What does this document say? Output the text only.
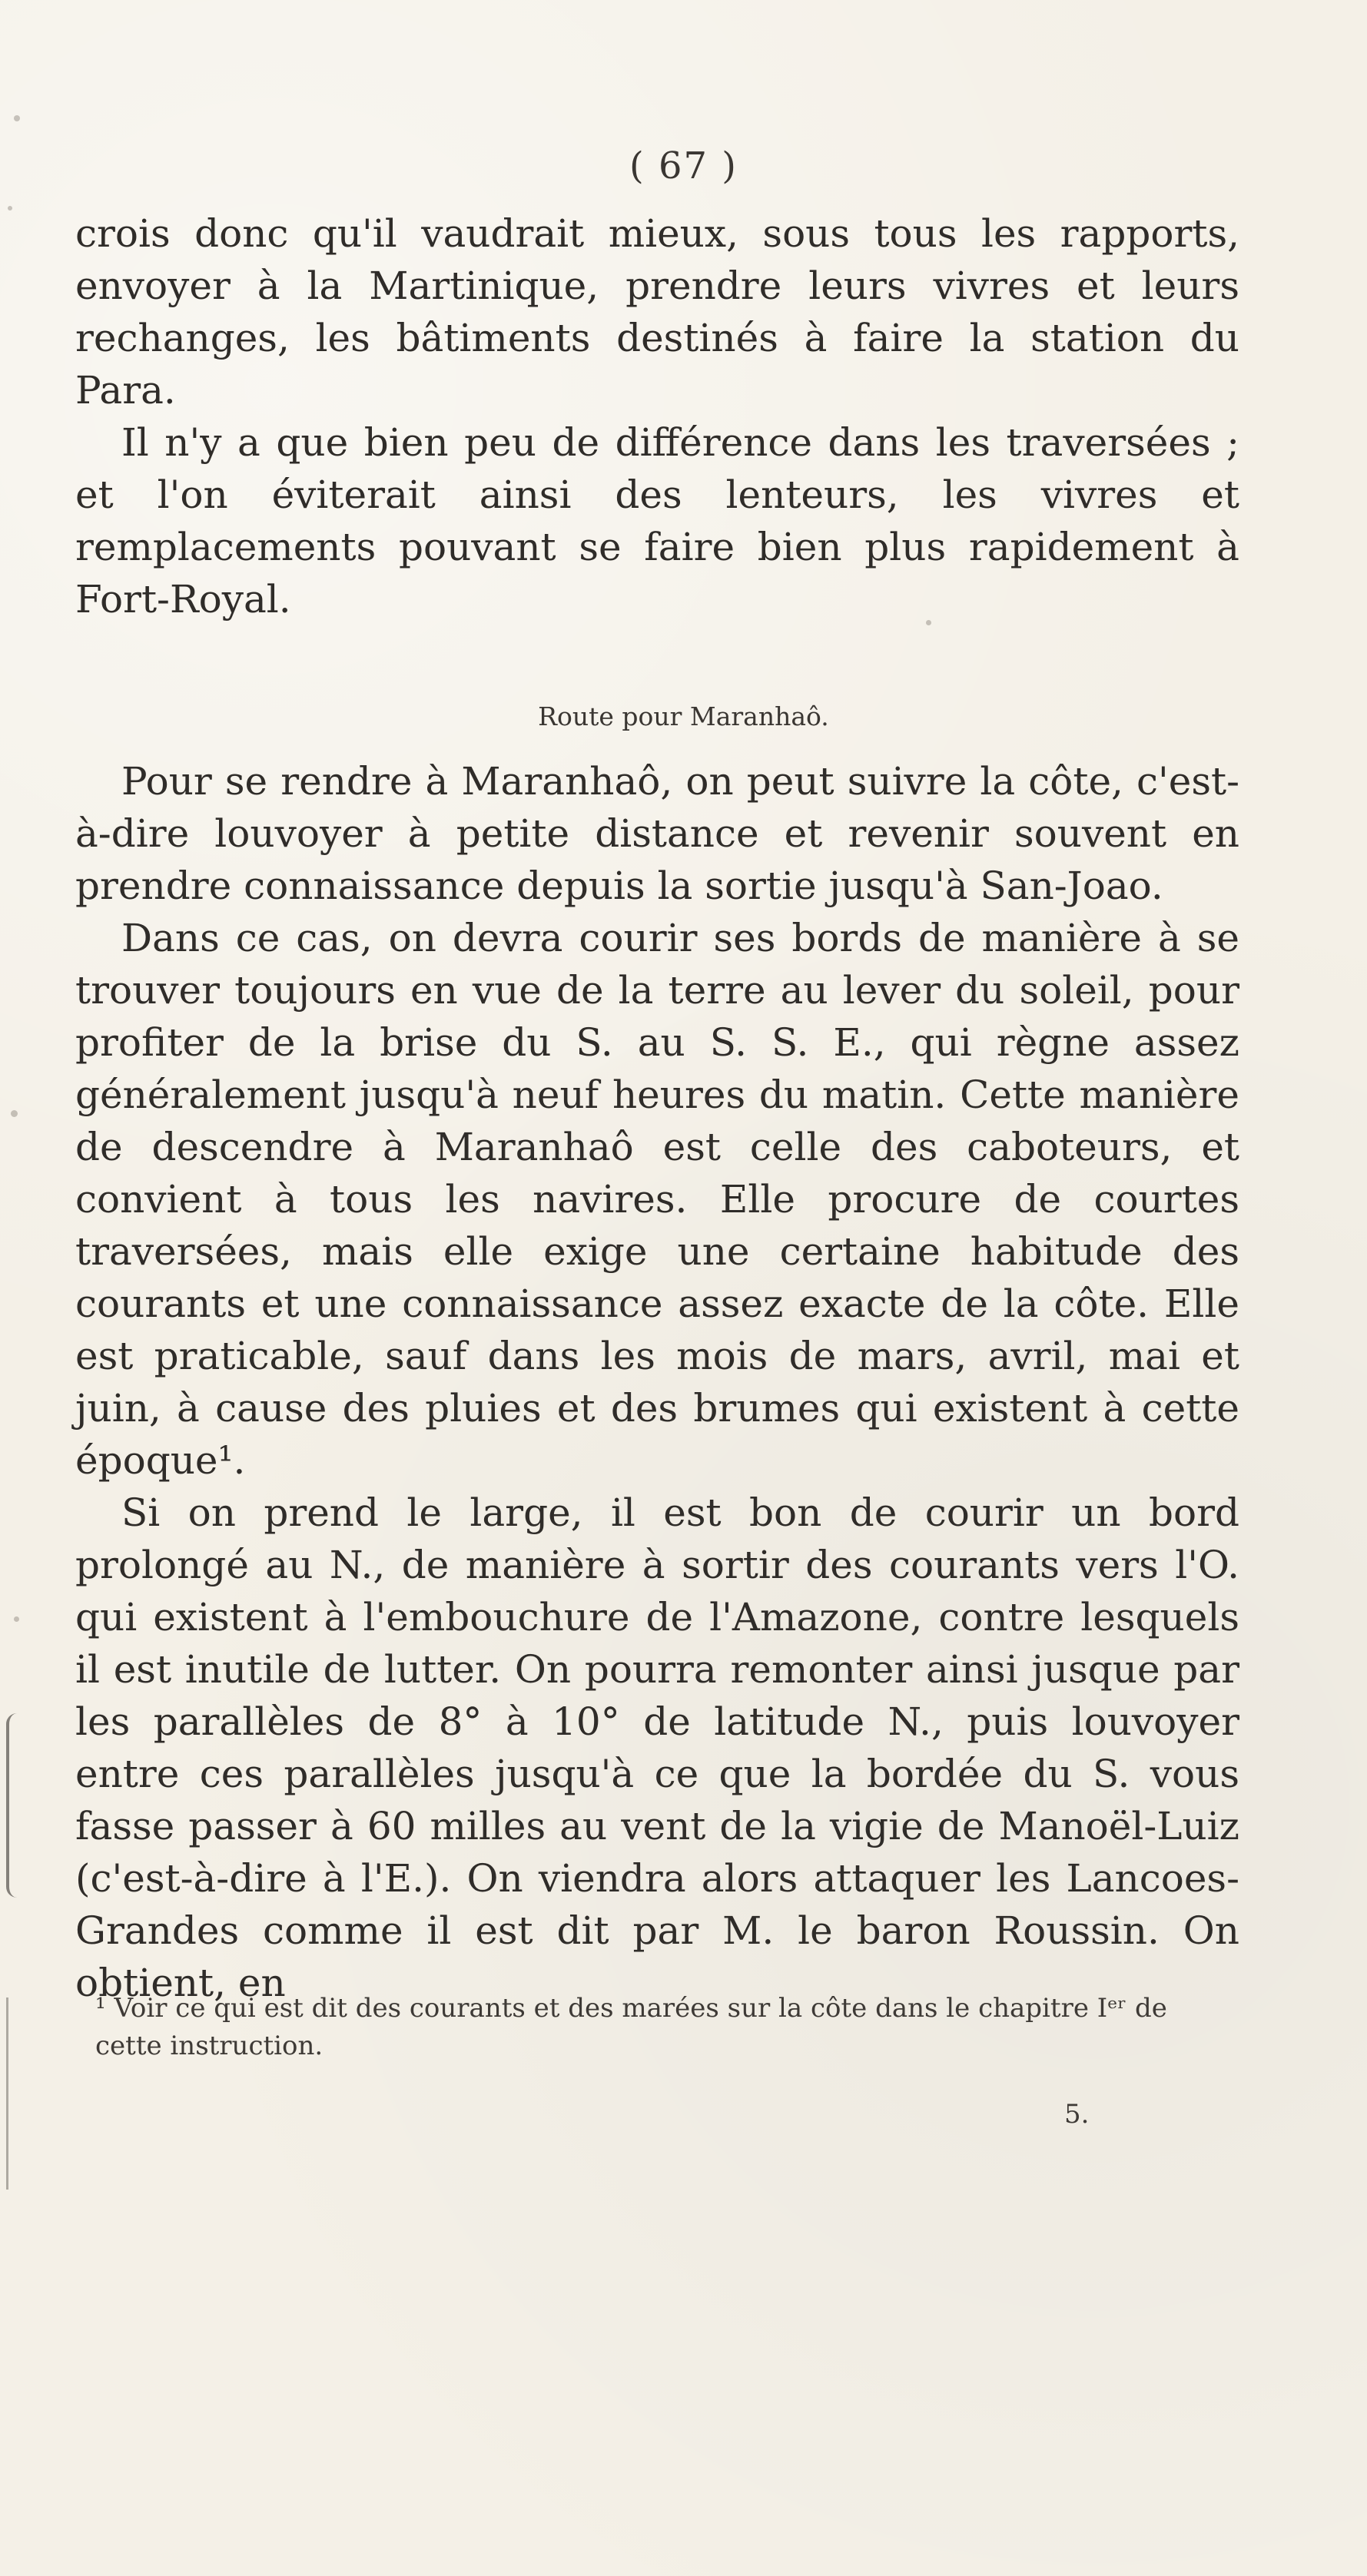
( 67 )

crois donc qu'il vaudrait mieux, sous tous les rapports, envoyer à la Martinique, prendre leurs vivres et leurs rechanges, les bâtiments destinés à faire la station du Para.

Il n'y a que bien peu de différence dans les traversées ; et l'on éviterait ainsi des lenteurs, les vivres et remplacements pouvant se faire bien plus rapidement à Fort-Royal.

Route pour Maranhaô.

Pour se rendre à Maranhaô, on peut suivre la côte, c'est-à-dire louvoyer à petite distance et revenir souvent en prendre connaissance depuis la sortie jusqu'à San-Joao.

Dans ce cas, on devra courir ses bords de manière à se trouver toujours en vue de la terre au lever du soleil, pour profiter de la brise du S. au S. S. E., qui règne assez généralement jusqu'à neuf heures du matin. Cette manière de descendre à Maranhaô est celle des caboteurs, et convient à tous les navires. Elle procure de courtes traversées, mais elle exige une certaine habitude des courants et une connaissance assez exacte de la côte. Elle est praticable, sauf dans les mois de mars, avril, mai et juin, à cause des pluies et des brumes qui existent à cette époque¹.

Si on prend le large, il est bon de courir un bord prolongé au N., de manière à sortir des courants vers l'O. qui existent à l'embouchure de l'Amazone, contre lesquels il est inutile de lutter. On pourra remonter ainsi jusque par les parallèles de 8° à 10° de latitude N., puis louvoyer entre ces parallèles jusqu'à ce que la bordée du S. vous fasse passer à 60 milles au vent de la vigie de Manoël-Luiz (c'est-à-dire à l'E.). On viendra alors attaquer les Lancoes-Grandes comme il est dit par M. le baron Roussin. On obtient, en

¹ Voir ce qui est dit des courants et des marées sur la côte dans le chapitre Iᵉʳ de cette instruction.
5.
